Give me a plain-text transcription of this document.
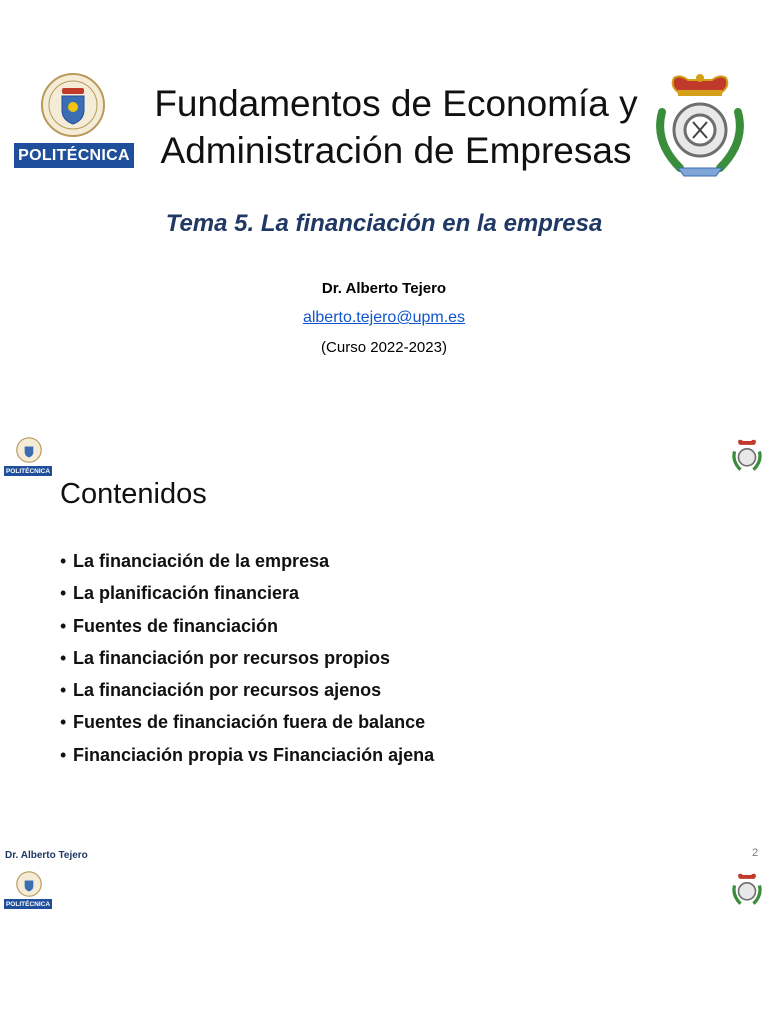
POLITÉCNICA
Fundamentos de Economía y
Administración de Empresas
Tema 5. La financiación en la empresa
Dr. Alberto Tejero
alberto.tejero@upm.es
(Curso 2022-2023)
POLITÉCNICA
Contenidos
• La financiación de la empresa
• La planificación financiera
• Fuentes de financiación
• La financiación por recursos propios
• La financiación por recursos ajenos
• Fuentes de financiación fuera de balance
• Financiación propia vs Financiación ajena
Dr. Alberto Tejero	2
POLITÉCNICA
